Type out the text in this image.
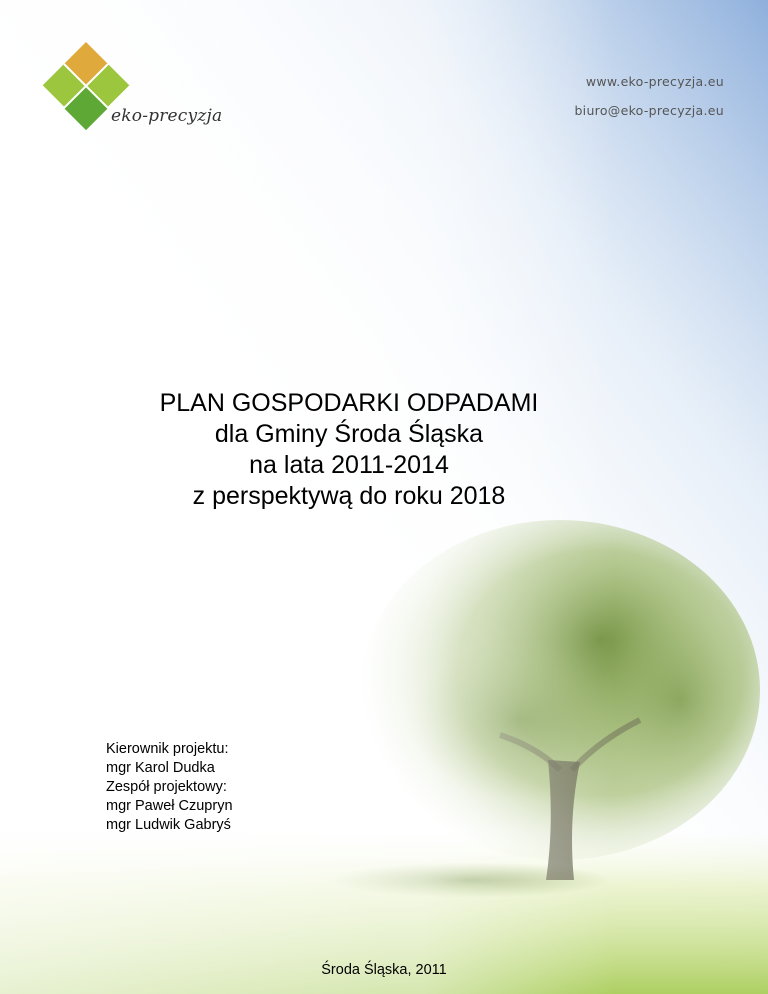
eko-precyzja
www.eko-precyzja.eu
biuro@eko-precyzja.eu
PLAN GOSPODARKI ODPADAMI
dla Gminy Środa Śląska
na lata 2011-2014
z perspektywą do roku 2018
Kierownik projektu:
mgr Karol Dudka
Zespół projektowy:
mgr Paweł Czupryn
mgr Ludwik Gabryś
Środa Śląska, 2011
